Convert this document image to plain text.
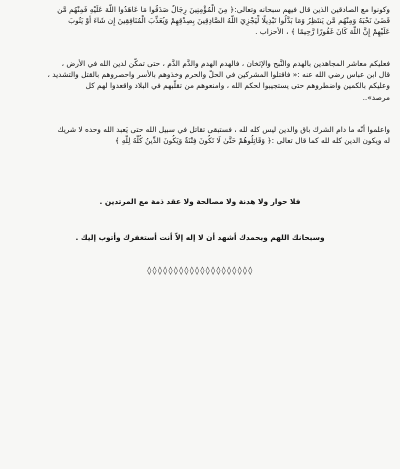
وكونوا مع الصادقين الذين قال فيهم سبحانه وتعالى:﴿ مِنَ الْمُؤْمِنِينَ رِجَالٌ صَدَقُوا مَا عَاهَدُوا اللَّهَ عَلَيْهِ فَمِنْهُم مَّن
قَضَىٰ نَحْبَهُ وَمِنْهُم مَّن يَنتَظِرُ وَمَا بَدَّلُوا تَبْدِيلًا لِّيَجْزِيَ اللَّهُ الصَّادِقِينَ بِصِدْقِهِمْ وَيُعَذِّبَ الْمُنَافِقِينَ إِن شَاءَ أَوْ يَتُوبَ
عَلَيْهِمْ إِنَّ اللَّهَ كَانَ غَفُورًا رَّحِيمًا ﴾ ، الأحزاب .
فعليكم معاشر المجاهدين بالهدم والنَّبح والإثخان ، فالهدم الهدم والدَّم الدَّم ، حتى تمكّن لدين الله في الأرض ،
قال ابن عباس رضي الله عنه :« فاقتلوا المشركين في الحلّ والحرم وخذوهم بالأسر واحصروهم بالقتل والتشديد ،
وعليكم بالكمين واضطروهم حتى يستجيبوا لحكم الله ، وامنعوهم من تقلّبهم في البلاد واقعدوا لهم كل
مرصد»..
واعلموا أنّه ما دام الشرك باق والدين ليس كله لله ، فستبقى تقاتل في سبيل الله حتى يَعبد الله وحده لا شريك
له ويكون الدين كله لله كما قال تعالى :﴿ وَقَاتِلُوهُمْ حَتَّىٰ لَا تَكُونَ فِتْنَةٌ وَيَكُونَ الدِّينُ كُلُّهُ لِلَّهِ ﴾
فلا حوار ولا هدنة ولا مصالحة ولا عقد ذمة مع المرتدين .
وسبحانك اللهم وبحمدك أشهد أن لا إله إلاّ أنت أستغفرك وأتوب إليك .
◊◊◊◊◊◊◊◊◊◊◊◊◊◊◊◊◊◊◊◊
